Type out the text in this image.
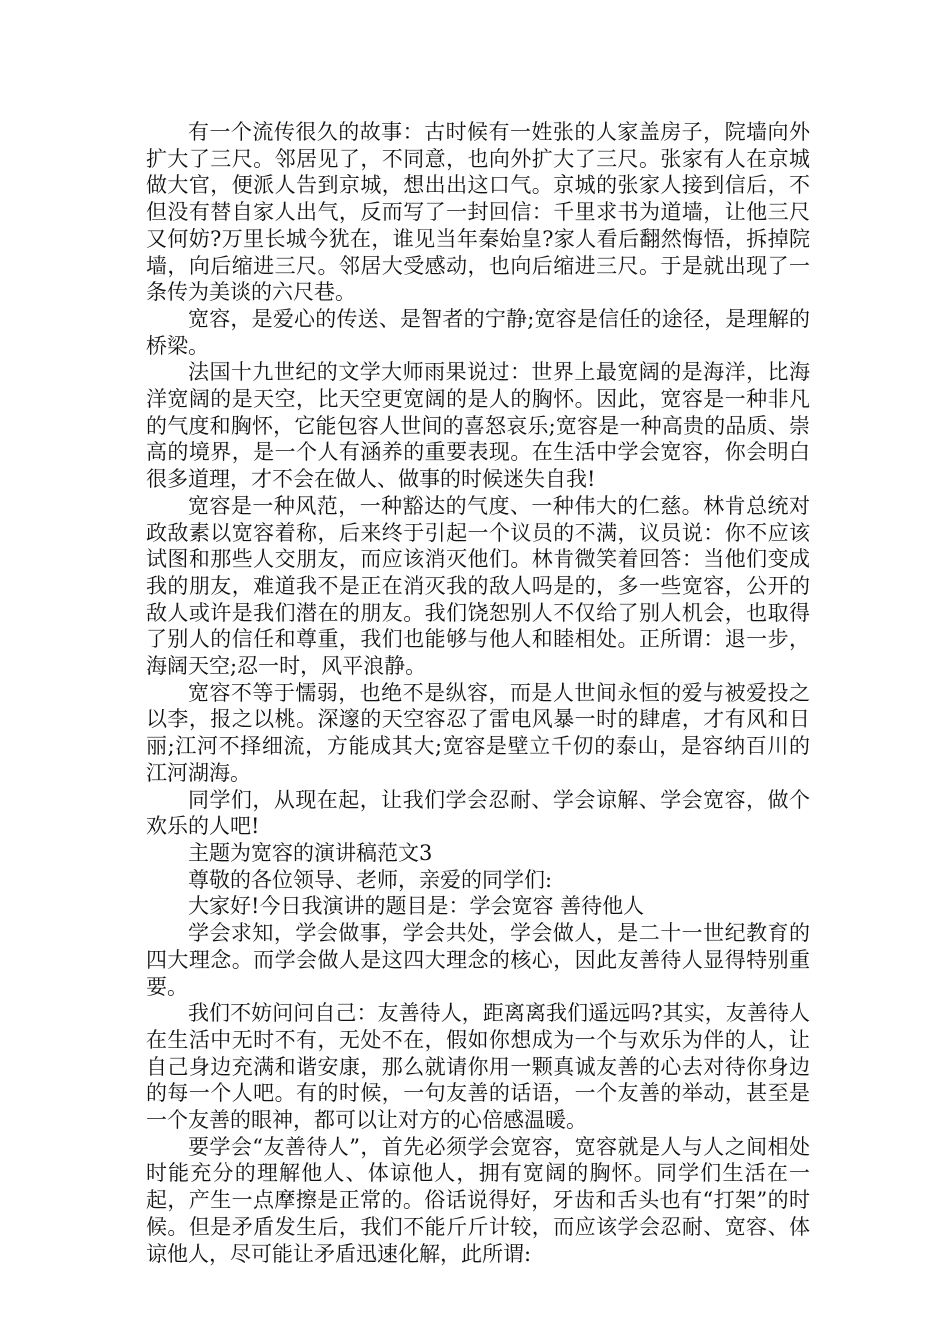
有一个流传很久的故事：古时候有一姓张的人家盖房子，院墙向外扩大了三尺。邻居见了，不同意，也向外扩大了三尺。张家有人在京城做大官，便派人告到京城，想出出这口气。京城的张家人接到信后，不但没有替自家人出气，反而写了一封回信：千里求书为道墙，让他三尺又何妨?万里长城今犹在，谁见当年秦始皇?家人看后翻然悔悟，拆掉院墙，向后缩进三尺。邻居大受感动，也向后缩进三尺。于是就出现了一条传为美谈的六尺巷。

宽容，是爱心的传送、是智者的宁静;宽容是信任的途径，是理解的桥梁。

法国十九世纪的文学大师雨果说过：世界上最宽阔的是海洋，比海洋宽阔的是天空，比天空更宽阔的是人的胸怀。因此，宽容是一种非凡的气度和胸怀，它能包容人世间的喜怒哀乐;宽容是一种高贵的品质、崇高的境界，是一个人有涵养的重要表现。在生活中学会宽容，你会明白很多道理，才不会在做人、做事的时候迷失自我!

宽容是一种风范，一种豁达的气度、一种伟大的仁慈。林肯总统对政敌素以宽容着称，后来终于引起一个议员的不满，议员说：你不应该试图和那些人交朋友，而应该消灭他们。林肯微笑着回答：当他们变成我的朋友，难道我不是正在消灭我的敌人吗是的，多一些宽容，公开的敌人或许是我们潜在的朋友。我们饶恕别人不仅给了别人机会，也取得了别人的信任和尊重，我们也能够与他人和睦相处。正所谓：退一步，海阔天空;忍一时，风平浪静。

宽容不等于懦弱，也绝不是纵容，而是人世间永恒的爱与被爱投之以李，报之以桃。深邃的天空容忍了雷电风暴一时的肆虐，才有风和日丽;江河不择细流，方能成其大;宽容是壁立千仞的泰山，是容纳百川的江河湖海。

同学们，从现在起，让我们学会忍耐、学会谅解、学会宽容，做个欢乐的人吧!

主题为宽容的演讲稿范文3

尊敬的各位领导、老师，亲爱的同学们:

大家好!今日我演讲的题目是：学会宽容 善待他人

学会求知，学会做事，学会共处，学会做人，是二十一世纪教育的四大理念。而学会做人是这四大理念的核心，因此友善待人显得特别重要。

我们不妨问问自己：友善待人，距离离我们遥远吗?其实，友善待人在生活中无时不有，无处不在，假如你想成为一个与欢乐为伴的人，让自己身边充满和谐安康，那么就请你用一颗真诚友善的心去对待你身边的每一个人吧。有的时候，一句友善的话语，一个友善的举动，甚至是一个友善的眼神，都可以让对方的心倍感温暖。

要学会“友善待人”，首先必须学会宽容，宽容就是人与人之间相处时能充分的理解他人、体谅他人，拥有宽阔的胸怀。同学们生活在一起，产生一点摩擦是正常的。俗话说得好，牙齿和舌头也有“打架”的时候。但是矛盾发生后，我们不能斤斤计较，而应该学会忍耐、宽容、体谅他人，尽可能让矛盾迅速化解，此所谓:
